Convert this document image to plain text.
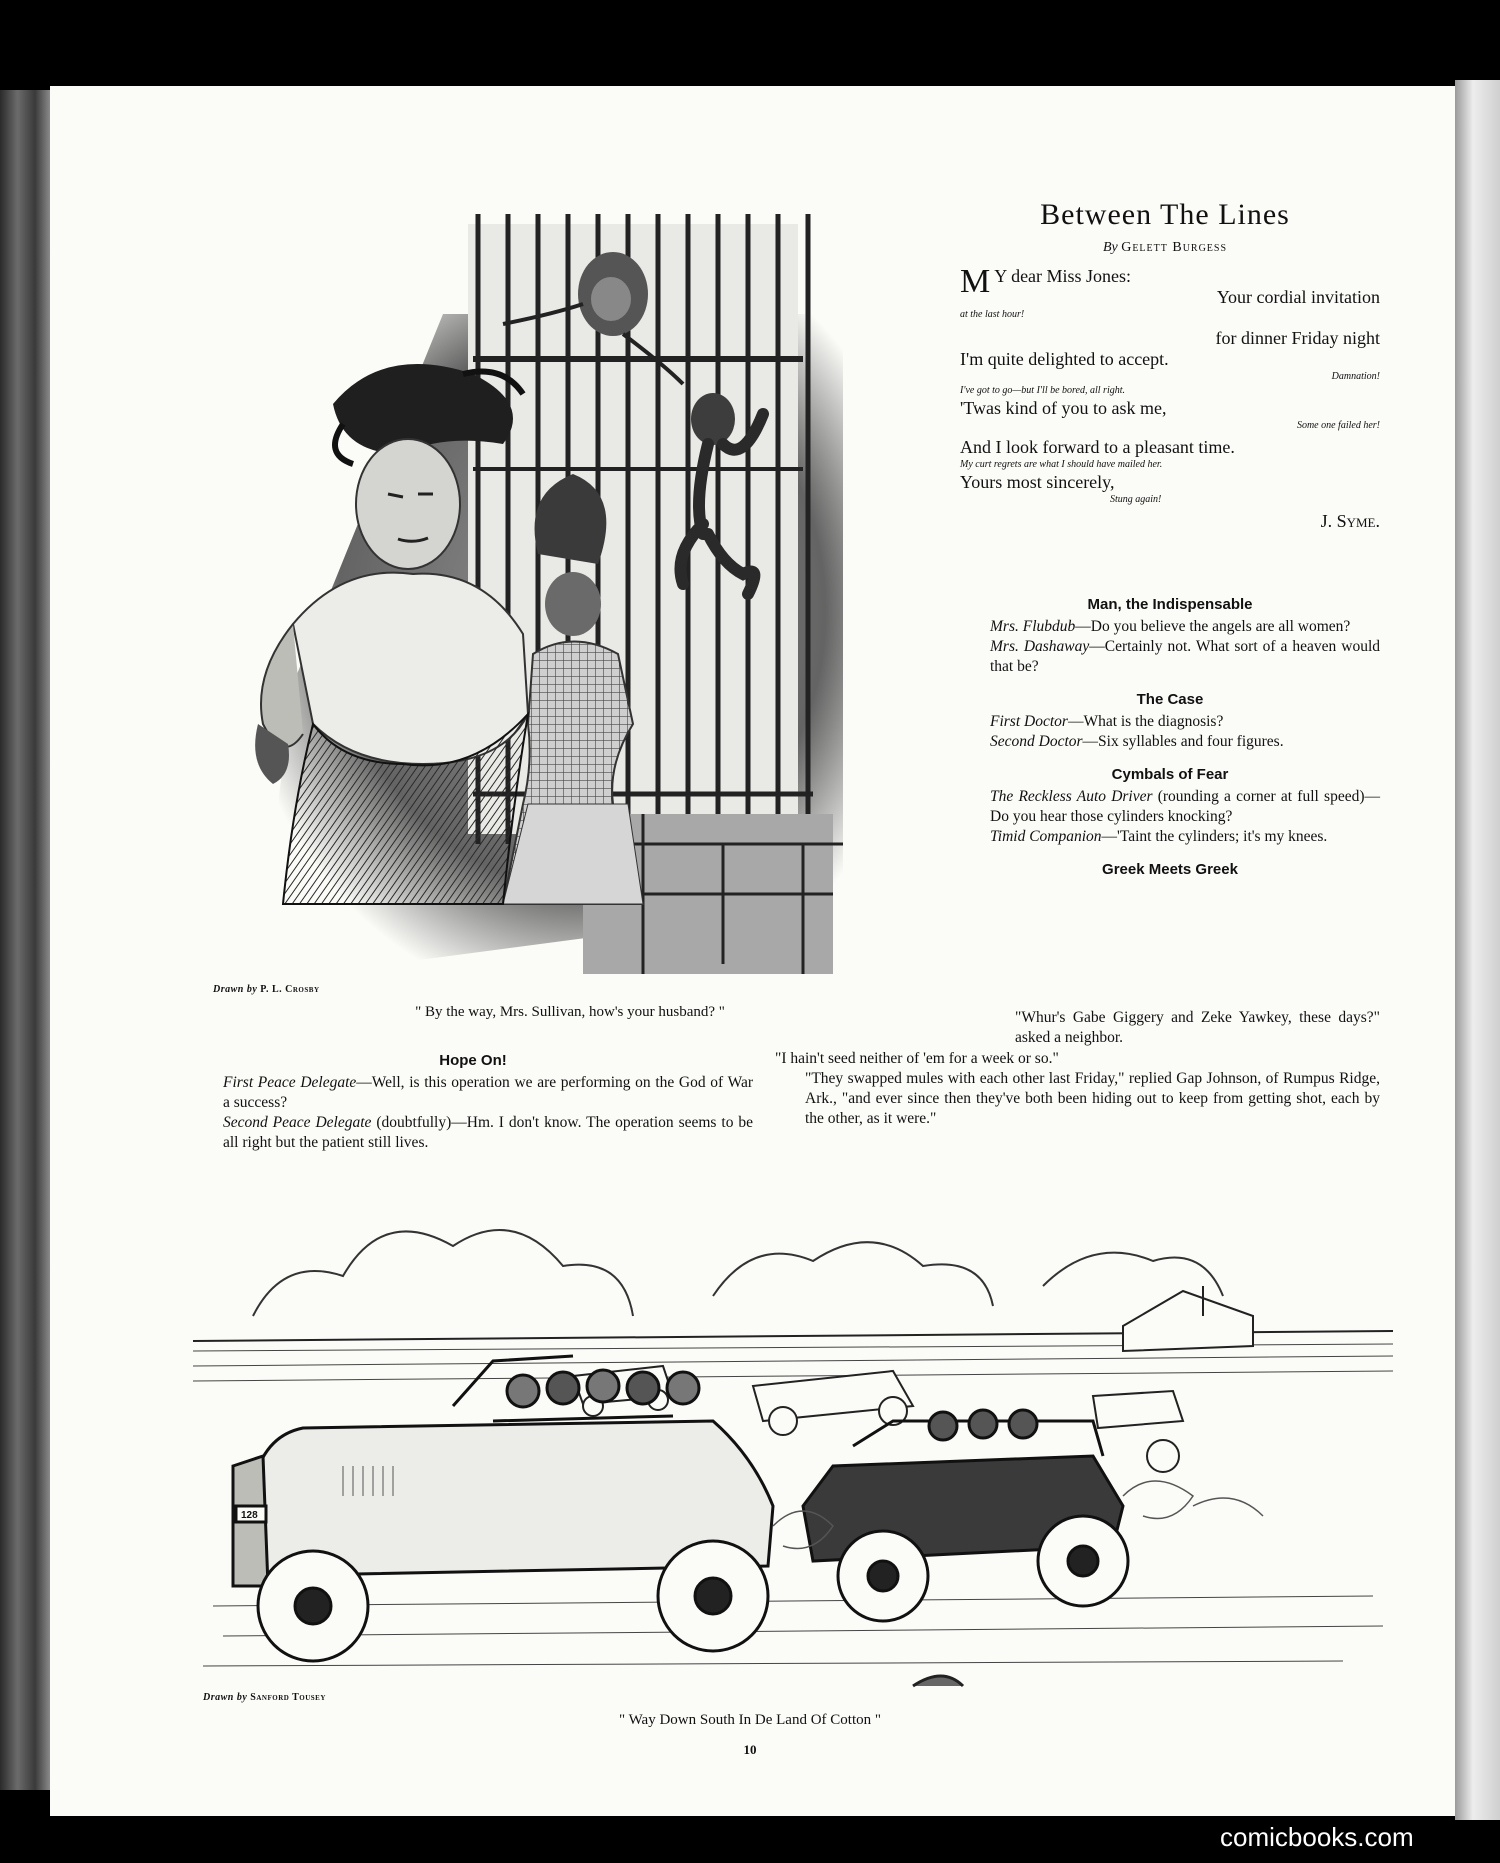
Between The Lines
By Gelett Burgess
M Y dear Miss Jones:
Your cordial invitation
at the last hour!
for dinner Friday night
I'm quite delighted to accept.
Damnation!
I've got to go—but I'll be bored, all right.
'Twas kind of you to ask me,
Some one failed her!
And I look forward to a pleasant time.
My curt regrets are what I should have mailed her.
Yours most sincerely,
Stung again!
J. Syme.
Man, the Indispensable
Mrs. Flubdub—Do you believe the angels are all women?
Mrs. Dashaway—Certainly not. What sort of a heaven would that be?
The Case
First Doctor—What is the diagnosis?
Second Doctor—Six syllables and four figures.
Cymbals of Fear
The Reckless Auto Driver (rounding a corner at full speed)—Do you hear those cylinders knocking?
Timid Companion—'Taint the cylinders; it's my knees.
Greek Meets Greek
Drawn by P. L. Crosby
" By the way, Mrs. Sullivan, how's your husband? "	"Whur's Gabe Giggery and Zeke Yawkey, these days?" asked a neighbor.
"I hain't seed neither of 'em for a week or so."
"They swapped mules with each other last Friday," replied Gap Johnson, of Rumpus Ridge, Ark., "and ever since then they've both been hiding out to keep from getting shot, each by the other, as it were."
Hope On!
First Peace Delegate—Well, is this operation we are performing on the God of War a success?
Second Peace Delegate (doubtfully)—Hm. I don't know. The operation seems to be all right but the patient still lives.
128
Drawn by Sanford Tousey
" Way Down South In De Land Of Cotton "
10
comicbooks.com
